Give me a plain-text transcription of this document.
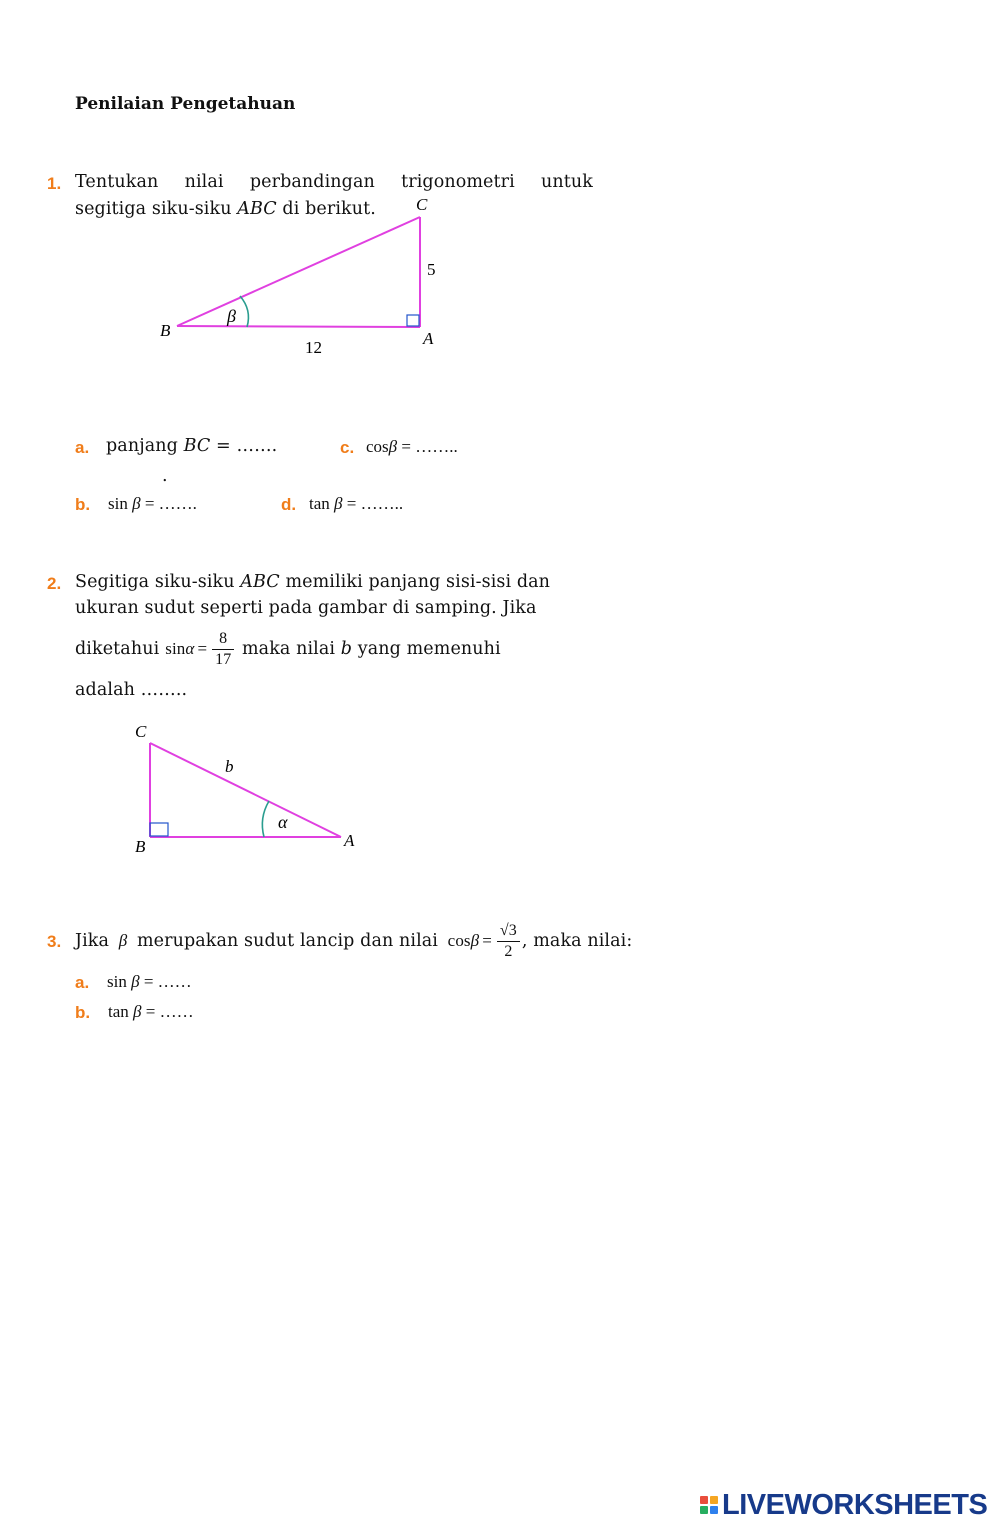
Penilaian Pengetahuan
1. Tentukan nilai perbandingan trigonometri untuk
segitiga siku-siku ABC di berikut.
B	A
C
12
5
β
a. panjang BC = …….	c. cosβ = ……..
.
b. sin β = …….	d. tan β = ……..
2. Segitiga siku-siku ABC memiliki panjang sisi-sisi dan
ukuran sudut seperti pada gambar di samping. Jika
diketahui $\sin \alpha = \frac{8}{17}$ maka nilai b yang memenuhi
adalah ……..
C
B	A
b
α
3. Jika β merupakan sudut lancip dan nilai $\cos \beta = \frac{√3}{2}$ , maka nilai:
a. sin β = ……
b. tan β = ……
LIVEWORKSHEETS
